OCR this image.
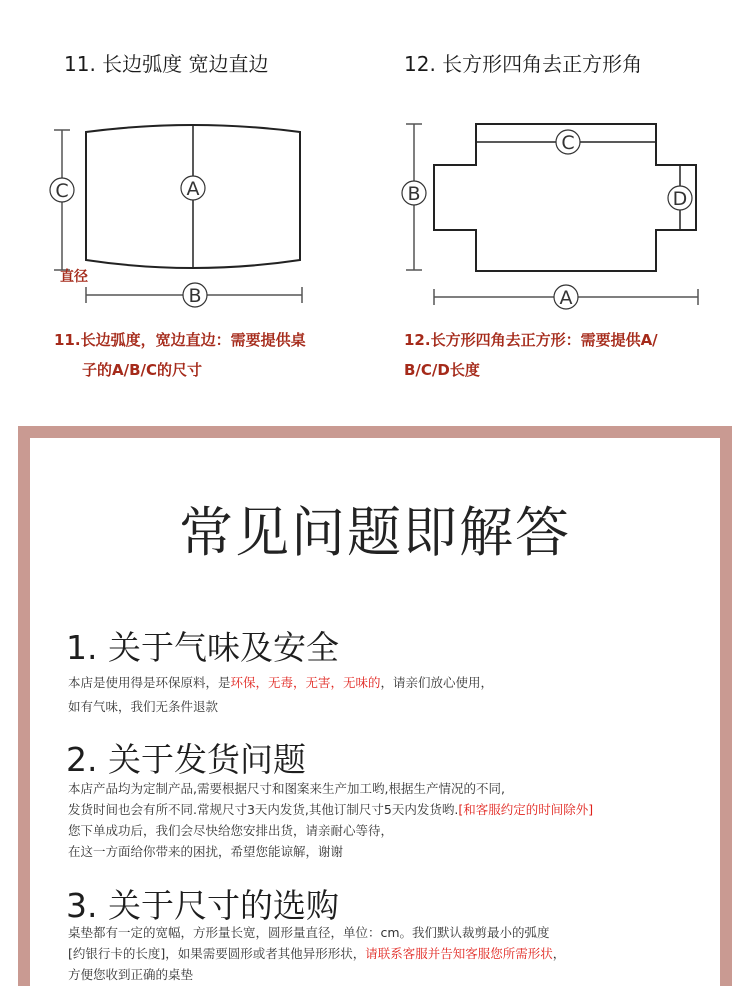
11. 长边弧度 宽边直边
C	A
B
直径
11.长边弧度，宽边直边：需要提供桌
子的A/B/C的尺寸
12. 长方形四角去正方形角
B
C
D
A
12.长方形四角去正方形：需要提供A/
B/C/D长度
常见问题即解答
1. 关于气味及安全
本店是使用得是环保原料，是环保，无毒，无害，无味的，请亲们放心使用，
如有气味，我们无条件退款
2. 关于发货问题
本店产品均为定制产品,需要根据尺寸和图案来生产加工哟,根据生产情况的不同,
发货时间也会有所不同.常规尺寸3天内发货,其他订制尺寸5天内发货哟.[和客服约定的时间除外]
您下单成功后，我们会尽快给您安排出货，请亲耐心等待，
在这一方面给你带来的困扰，希望您能谅解，谢谢
3. 关于尺寸的选购
桌垫都有一定的宽幅，方形量长宽，圆形量直径，单位：cm。我们默认裁剪最小的弧度
[约银行卡的长度]，如果需要圆形或者其他异形形状，请联系客服并告知客服您所需形状，
方便您收到正确的桌垫
